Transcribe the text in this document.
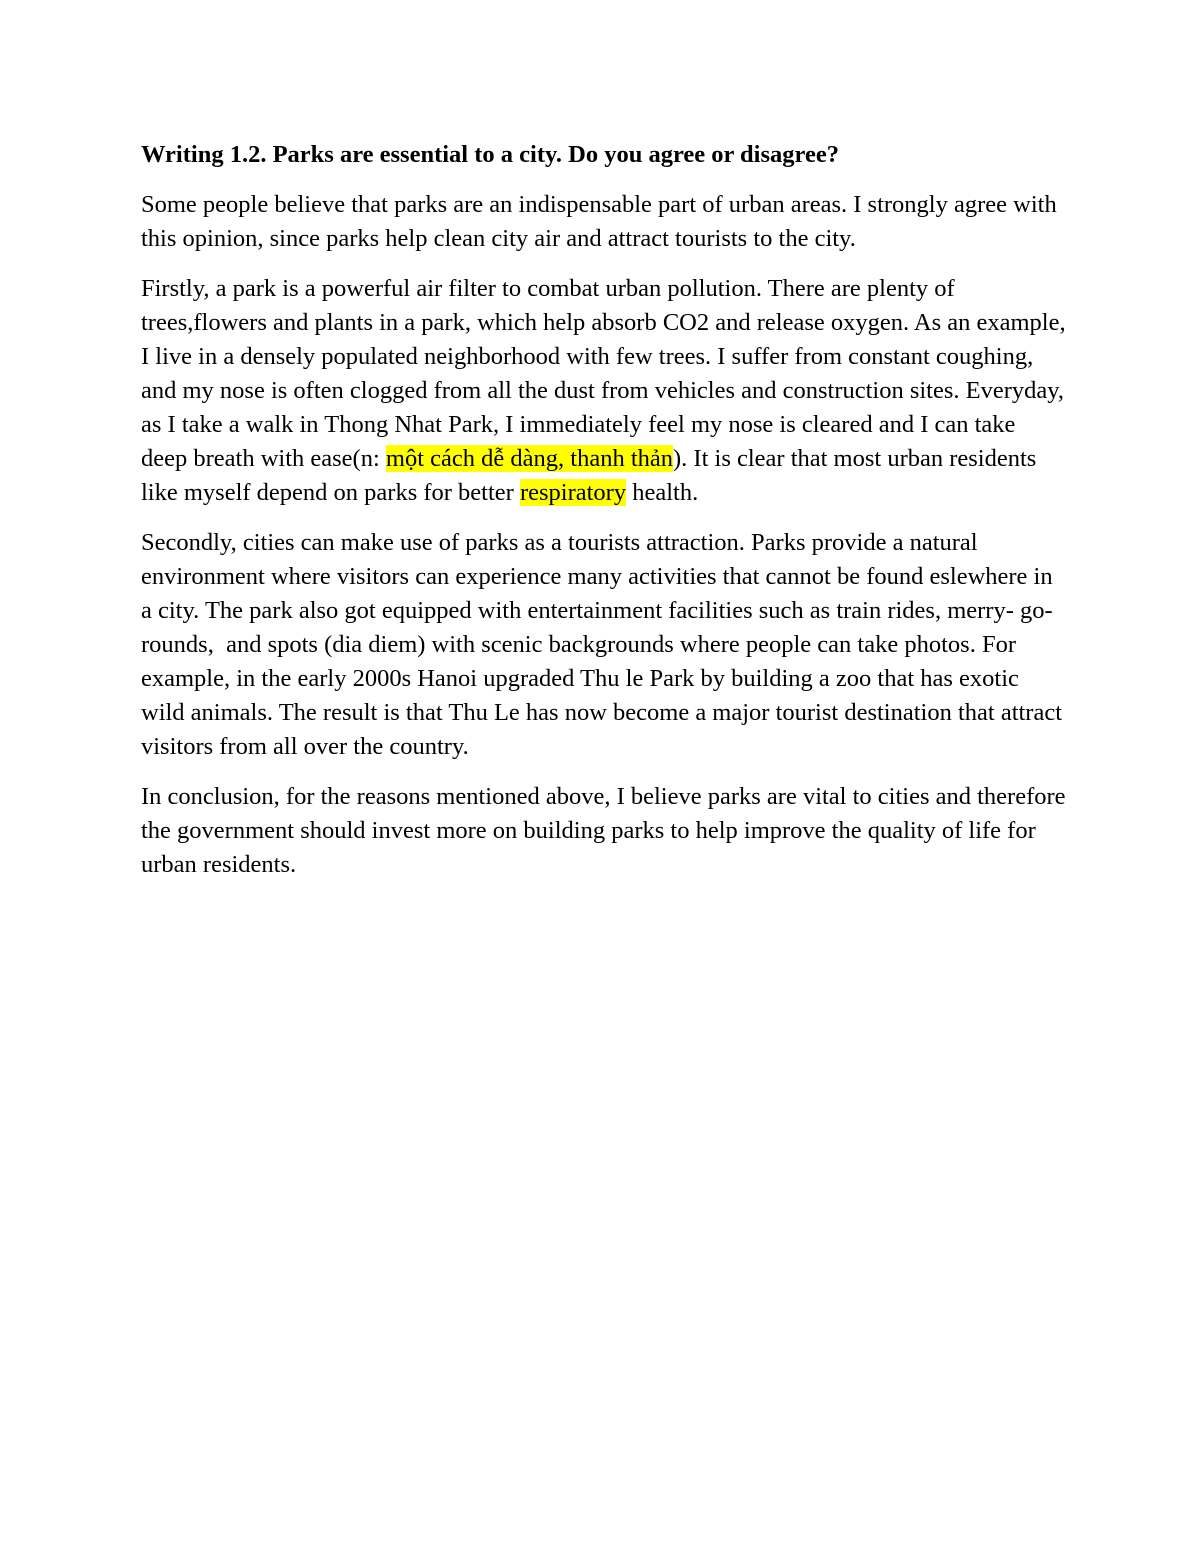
Writing 1.2. Parks are essential to a city. Do you agree or disagree?

Some people believe that parks are an indispensable part of urban areas. I strongly agree with this opinion, since parks help clean city air and attract tourists to the city.

Firstly, a park is a powerful air filter to combat urban pollution. There are plenty of trees,flowers and plants in a park, which help absorb CO2 and release oxygen. As an example, I live in a densely populated neighborhood with few trees. I suffer from constant coughing, and my nose is often clogged from all the dust from vehicles and construction sites. Everyday, as I take a walk in Thong Nhat Park, I immediately feel my nose is cleared and I can take deep breath with ease(n: một cách dễ dàng, thanh thản). It is clear that most urban residents like myself depend on parks for better respiratory health.

Secondly, cities can make use of parks as a tourists attraction. Parks provide a natural environment where visitors can experience many activities that cannot be found eslewhere in a city. The park also got equipped with entertainment facilities such as train rides, merry- go- rounds,  and spots (dia diem) with scenic backgrounds where people can take photos. For example, in the early 2000s Hanoi upgraded Thu le Park by building a zoo that has exotic wild animals. The result is that Thu Le has now become a major tourist destination that attract visitors from all over the country.

In conclusion, for the reasons mentioned above, I believe parks are vital to cities and therefore the government should invest more on building parks to help improve the quality of life for urban residents.
